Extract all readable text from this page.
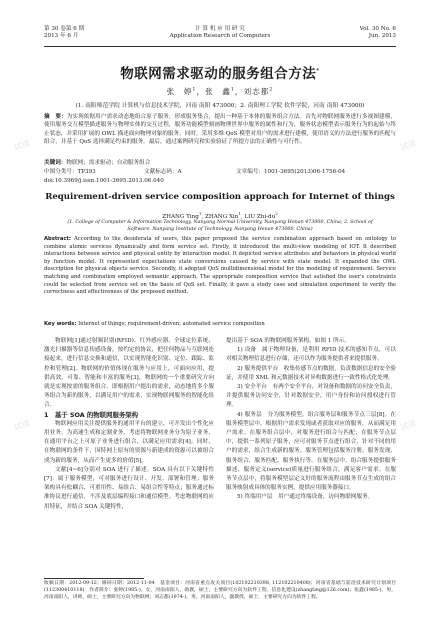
第 30 卷第 6 期
2013 年 6 月
计 算 机 应 用 研 究
Application Research of Computers
Vol. 30 No. 6
Jun. 2013
物联网需求驱动的服务组合方法*
张　婷$^1$，张　鑫$^1$，刘志都$^2$
(1. 南阳师范学院 计算机与信息技术学院，河南 南阳 473000；2. 南阳理工学院 软件学院，河南 南阳 473000)
摘　要：为实现依据用户需求动态地组合原子服务，形成服务集合，提出一种基于本体的服务组合方法。首先对物联网服务进行多视图建模，使用服务交互模型描述服务与物理实体的交互过程，服务功能模型刻画物理世界中服务的属性和行为，服务状态模型表示服务行为的起始与终止状态，并采用扩展的 OWL 描述面向物理对象的服务。同时，采用多维 QoS 模型对用户的需求进行建模，使用语义的方法进行服务的匹配与组合，并基于 QoS 选择满足约束的服务。最后，通过案例研究和实验验证了所提方法的正确性与可行性。
关键词：物联网；需求驱动；自动服务组合
中图分类号：TP393	文献标志码：A	文章编号：1001-3695(2013)06-1756-04
doi:10.3969/j.issn.1001-3695.2013.06.040
Requirement-driven service composition approach for Internet of things
ZHANG Ting$^1$, ZHANG Xin$^1$, LIU Zhi-$du^2$
(1. College of Computer & Information Technology, Nanyang Normal University, Nanyang Henan 473000, China; 2. School of Software, Nanyang Institute of Technology, Nanyang Henan 473000, China)
Abstract: According to the desiderata of users, this paper proposed the service combination approach based on ontology to combine atomic services dynamically and form service set. Firstly, it introduced the multi-view modeling of IOT. It described interactions between service and physical entity by interaction model. It depicted service attributes and behaviors in physical world by function model. It represented expectations state conversions caused by service with state model. It expanded the OWL description for physical objects service. Secondly, it adopted QoS multidimensional model for the modeling of requirement. Service matching and combination employed semantic approach. The appropriate composition service that satisfied the user's constraints could be selected from service set on the basis of QoS set. Finally, it gave a study case and simulation experiment to verify the correctness and effectiveness of the proposed method.
Key words: Internet of things; requirement-driven; automated service composition

物联网[1]通过射频识别(RFID)、红外感应器、全球定位系统、激光扫描器等信息传感设备，按约定的协议，把任何物品与互联网连接起来，进行信息交换和通信，以实现智能化识别、定位、跟踪、监控和管理[2]。物联网的价值体现在服务与应用上，可面向应用，提供高效、可靠、智能和丰富的服务[3]。物联网的一个重要研究方向就是实现按需的服务组合。即根据用户提出的需求，动态地将多个服务组合为新的服务，以满足用户的需求，实现物联网服务的智能化组合。

1　基于 SOA 的物联网服务架构

物联网应用关注提供服务的通用平台的建立，可开发出个性化应用业务。为高速生成和定制业务，考虑将物联网业务分为原子业务，在通用平台之上可原子业务进行组合，以满足应用需求[4]。同时，在物联网的条件下，因特网上原有的资源与新建成的资源可以被组合成为新的服务，从而产生更多的价值[5]。

文献[4~6]分别对 SOA 进行了描述。SOA 具有以下关键特性[7]：属于服务模型，可对服务进行设计、开发、部署和管理；服务架构具有松耦合、可重用性、易组合、易组合性等特点；服务通过标准协议进行通信，不涉及底层编程接口和通信模型。考虑物联网的应用特征，并结合 SOA 关键特性，

提出基于 SOA 的物联网服务架构，如图 1 所示。

1) 设备　属于物理设备，是利用 RFID 技术的感知节点，可以对相关物理信息进行存储，还可以作为服务提供者来提供服务。

2) 服务提供平台　收集传感节点的数据，负责数据信息的安全验证，并使用 XML 和元数据技术对异构数据进行一致性格式化处理。

3) 安全平台　有两个安全平台，对设备和数据的访问安全负责，并提供服务访问安全，针对数据安全，用户身份和访问授权进行管理。

4) 服务层　分为服务模型，组合服务层和服务节点三层[8]。在服务模型层中，根据用户需求发现或者获取对应的服务，从而满足用户需求。在服务组合层中，对服务进行组合与匹配；在服务节点层中，提供一系列原子服务，应可对服务节点进行组合，针对不同的用户的需求，组合生成新的服务。服务管理包括服务注册、服务发现、服务组合、服务匹配、服务执行等。在服务层中，组合服务提供服务描述、服务定义(service)质量进行服务组合，满足客户需求。在服务节点层中，将服务模型层定义好的服务流程由服务节点生成的组合服务映射成具体的服务实例，提供应用服务器接口。

5) 终端用户层　用户通过终端设备，访问物联网服务。

收稿日期：2012-09-12；修回日期：2012-11-04　基金项目：河南省重点攻关项目(102102210398, 112102210408)；河南省基础与前沿技术研究计划项目(112300410118)　作者简介：张婷(1985-)，女，河南南阳人，助教，硕士，主要研究方向为软件工程、信息化建设(zhangting@126.com)；张鑫(1985-)，男，河南南阳人，讲师，硕士，主要研究方向为物联网；刘志都(1974-)，男，河南南阳人，副教授，硕士，主要研究方向为软件工程。
试读	试读
试读	试读
